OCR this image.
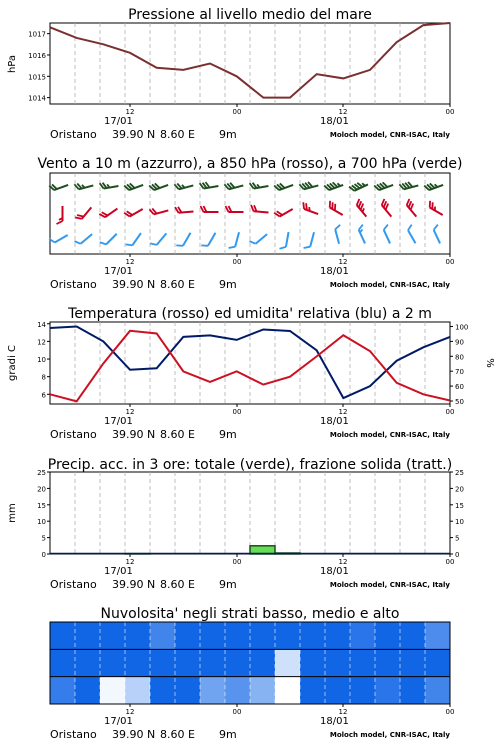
Pressione al livello medio del mare
1014
1015
1016
1017
hPa
12	00	12	00
17/01	18/01
Oristano 39.90 N 8.60 E 9m	Moloch model, CNR-ISAC, Italy
Vento a 10 m (azzurro), a 850 hPa (rosso), a 700 hPa (verde)
12	00	12	00
17/01	18/01
Oristano 39.90 N 8.60 E 9m	Moloch model, CNR-ISAC, Italy
Temperatura (rosso) ed umidita' relativa (blu) a 2 m
6
8
10
12
14
50
60
70
80
90
100
gradi C	%
12	00	12	00
17/01	18/01
Oristano 39.90 N 8.60 E 9m	Moloch model, CNR-ISAC, Italy
Precip. acc. in 3 ore: totale (verde), frazione solida (tratt.)
0	0
5	5
10	10
15	15
20	20
25	25
mm
12	00	12	00
17/01	18/01
Oristano 39.90 N 8.60 E 9m	Moloch model, CNR-ISAC, Italy
Nuvolosita' negli strati basso, medio e alto
12	00	12	00
17/01	18/01
Oristano 39.90 N 8.60 E 9m	Moloch model, CNR-ISAC, Italy
